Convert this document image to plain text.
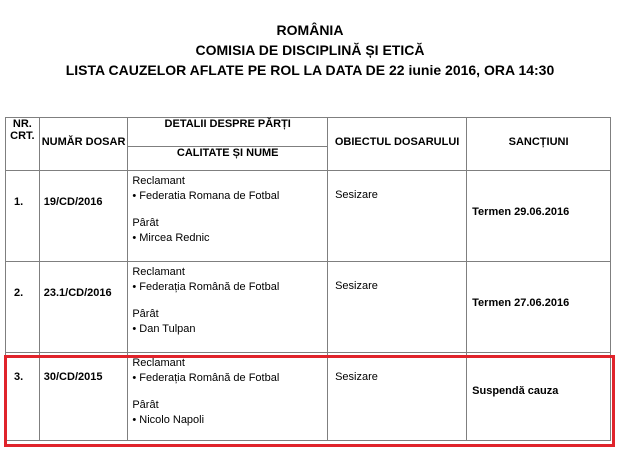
ROMÂNIA
COMISIA DE DISCIPLINĂ ȘI ETICĂ
LISTA CAUZELOR AFLATE PE ROL LA DATA DE 22 iunie 2016, ORA 14:30
NR. CRT.	NUMĂR DOSAR	DETALII DESPRE PĂRȚI	OBIECTUL DOSARULUI	SANCȚIUNI
		CALITATE ȘI NUME		
1.	19/CD/2016	Reclamant
• Federatia Romana de Fotbal
Pârât
• Mircea Rednic	Sesizare	Termen 29.06.2016
2.	23.1/CD/2016	Reclamant
• Federația Română de Fotbal
Pârât
• Dan Tulpan	Sesizare	Termen 27.06.2016
3.	30/CD/2015	Reclamant
• Federația Română de Fotbal
Pârât
• Nicolo Napoli	Sesizare	Suspendă cauza
